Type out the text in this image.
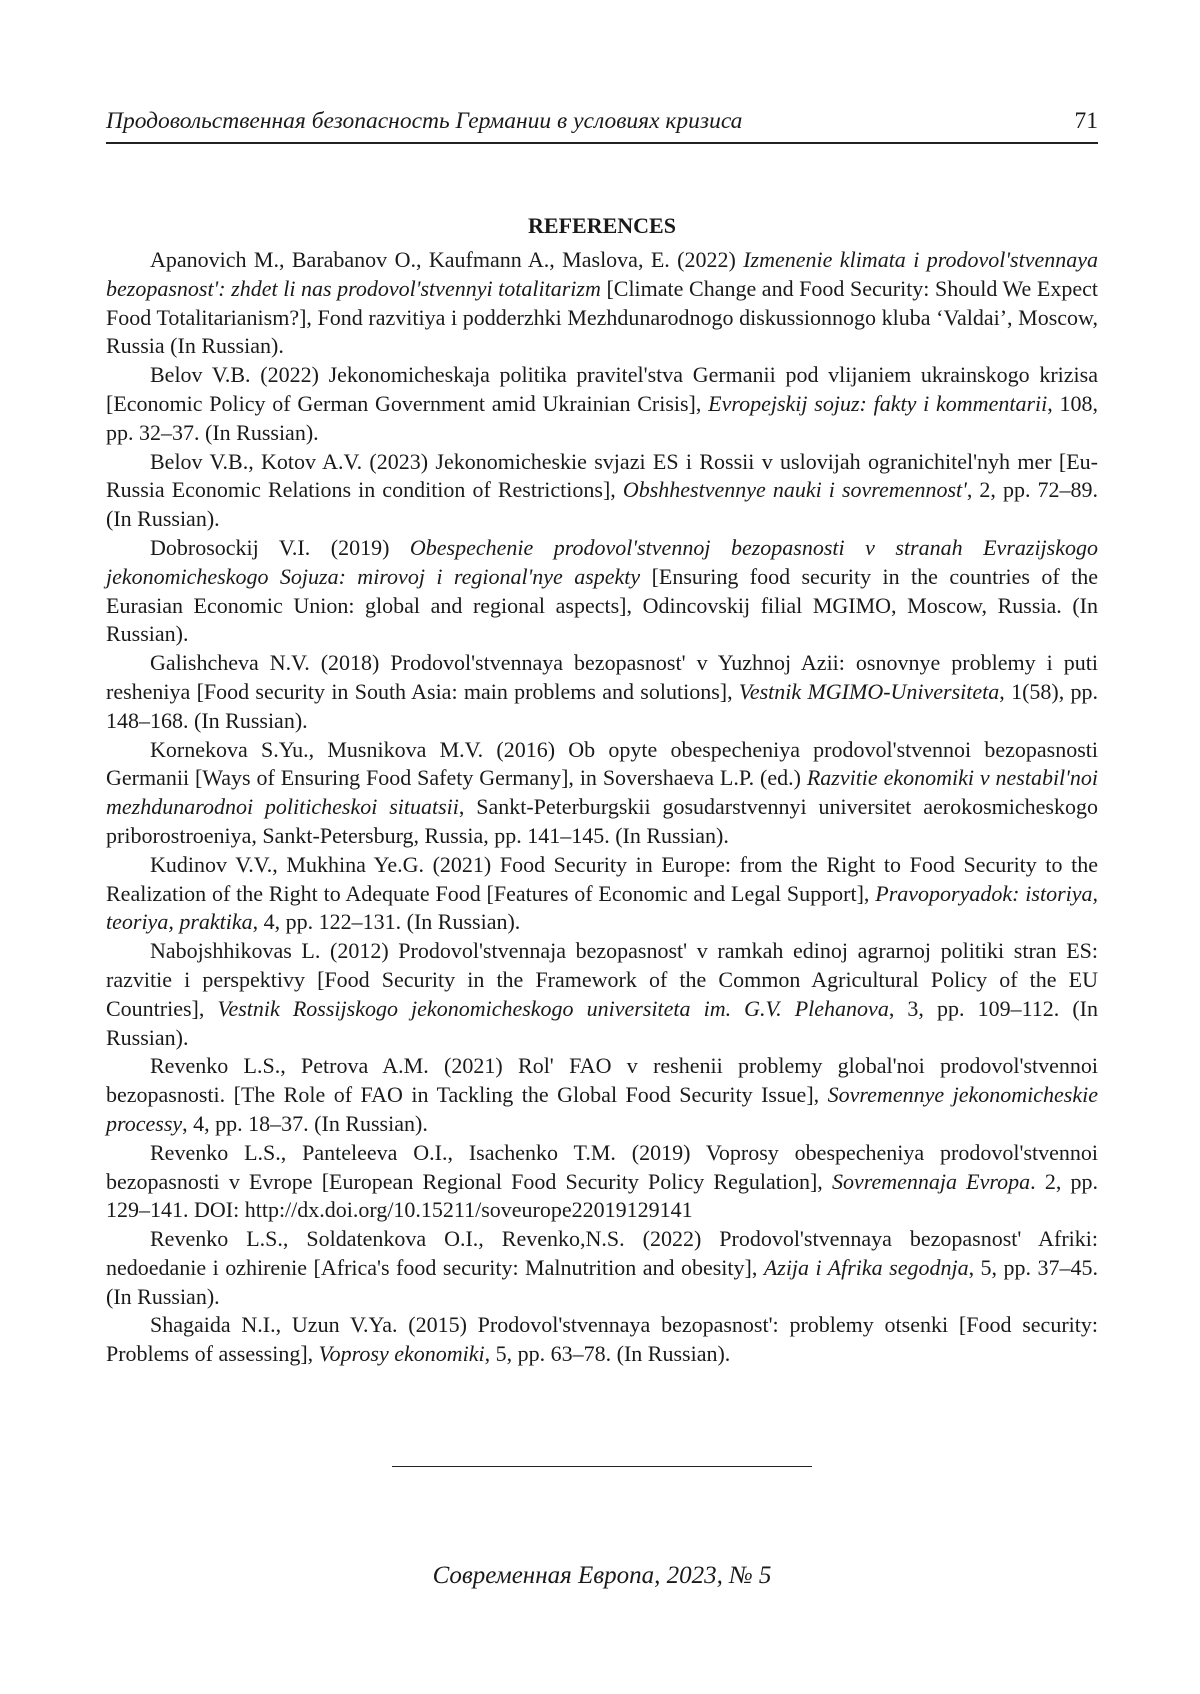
Продовольственная безопасность Германии в условиях кризиса	71
REFERENCES

Apanovich M., Barabanov O., Kaufmann A., Maslova, E. (2022) Izmenenie klimata i prodovol'stvennaya bezopasnost': zhdet li nas prodovol'stvennyi totalitarizm [Climate Change and Food Security: Should We Expect Food Totalitarianism?], Fond razvitiya i podderzhki Mezhdunarodnogo diskussionnogo kluba ‘Valdai’, Moscow, Russia (In Russian).

Belov V.B. (2022) Jekonomicheskaja politika pravitel'stva Germanii pod vlijaniem ukrainskogo krizisa [Economic Policy of German Government amid Ukrainian Crisis], Evropejskij sojuz: fakty i kommentarii, 108, pp. 32–37. (In Russian).

Belov V.B., Kotov A.V. (2023) Jekonomicheskie svjazi ES i Rossii v uslovijah ogranichitel'nyh mer [Eu-Russia Economic Relations in condition of Restrictions], Obshhestvennye nauki i sovremennost', 2, pp. 72–89. (In Russian).

Dobrosockij V.I. (2019) Obespechenie prodovol'stvennoj bezopasnosti v stranah Evrazijskogo jekonomicheskogo Sojuza: mirovoj i regional'nye aspekty [Ensuring food security in the countries of the Eurasian Economic Union: global and regional aspects], Odincovskij filial MGIMO, Moscow, Russia. (In Russian).

Galishcheva N.V. (2018) Prodovol'stvennaya bezopasnost' v Yuzhnoj Azii: osnovnye problemy i puti resheniya [Food security in South Asia: main problems and solutions], Vestnik MGIMO-Universiteta, 1(58), pp. 148–168. (In Russian).

Kornekova S.Yu., Musnikova M.V. (2016) Ob opyte obespecheniya prodovol'stvennoi bezopasnosti Germanii [Ways of Ensuring Food Safety Germany], in Sovershaeva L.P. (ed.) Razvitie ekonomiki v nestabil'noi mezhdunarodnoi politicheskoi situatsii, Sankt-Peterburgskii gosudarstvennyi universitet aerokosmicheskogo priborostroeniya, Sankt-Petersburg, Russia, pp. 141–145. (In Russian).

Kudinov V.V., Mukhina Ye.G. (2021) Food Security in Europe: from the Right to Food Security to the Realization of the Right to Adequate Food [Features of Economic and Legal Support], Pravoporyadok: istoriya, teoriya, praktika, 4, pp. 122–131. (In Russian).

Nabojshhikovas L. (2012) Prodovol'stvennaja bezopasnost' v ramkah edinoj agrarnoj politiki stran ES: razvitie i perspektivy [Food Security in the Framework of the Common Agricultural Policy of the EU Countries], Vestnik Rossijskogo jekonomicheskogo universiteta im. G.V. Plehanova, 3, pp. 109–112. (In Russian).

Revenko L.S., Petrova A.M. (2021) Rol' FAO v reshenii problemy global'noi prodovol'stvennoi bezopasnosti. [The Role of FAO in Tackling the Global Food Security Issue], Sovremennye jekonomicheskie processy, 4, pp. 18–37. (In Russian).

Revenko L.S., Panteleeva O.I., Isachenko T.M. (2019) Voprosy obespecheniya prodovol'stvennoi bezopasnosti v Evrope [European Regional Food Security Policy Regulation], Sovremennaja Evropa. 2, pp. 129–141. DOI: http://dx.doi.org/10.15211/soveurope22019129141

Revenko L.S., Soldatenkova O.I., Revenko,N.S. (2022) Prodovol'stvennaya bezopasnost' Afriki: nedoedanie i ozhirenie [Africa's food security: Malnutrition and obesity], Azija i Afrika segodnja, 5, pp. 37–45. (In Russian).

Shagaida N.I., Uzun V.Ya. (2015) Prodovol'stvennaya bezopasnost': problemy otsenki [Food security: Problems of assessing], Voprosy ekonomiki, 5, pp. 63–78. (In Russian).

Современная Европа, 2023, № 5
